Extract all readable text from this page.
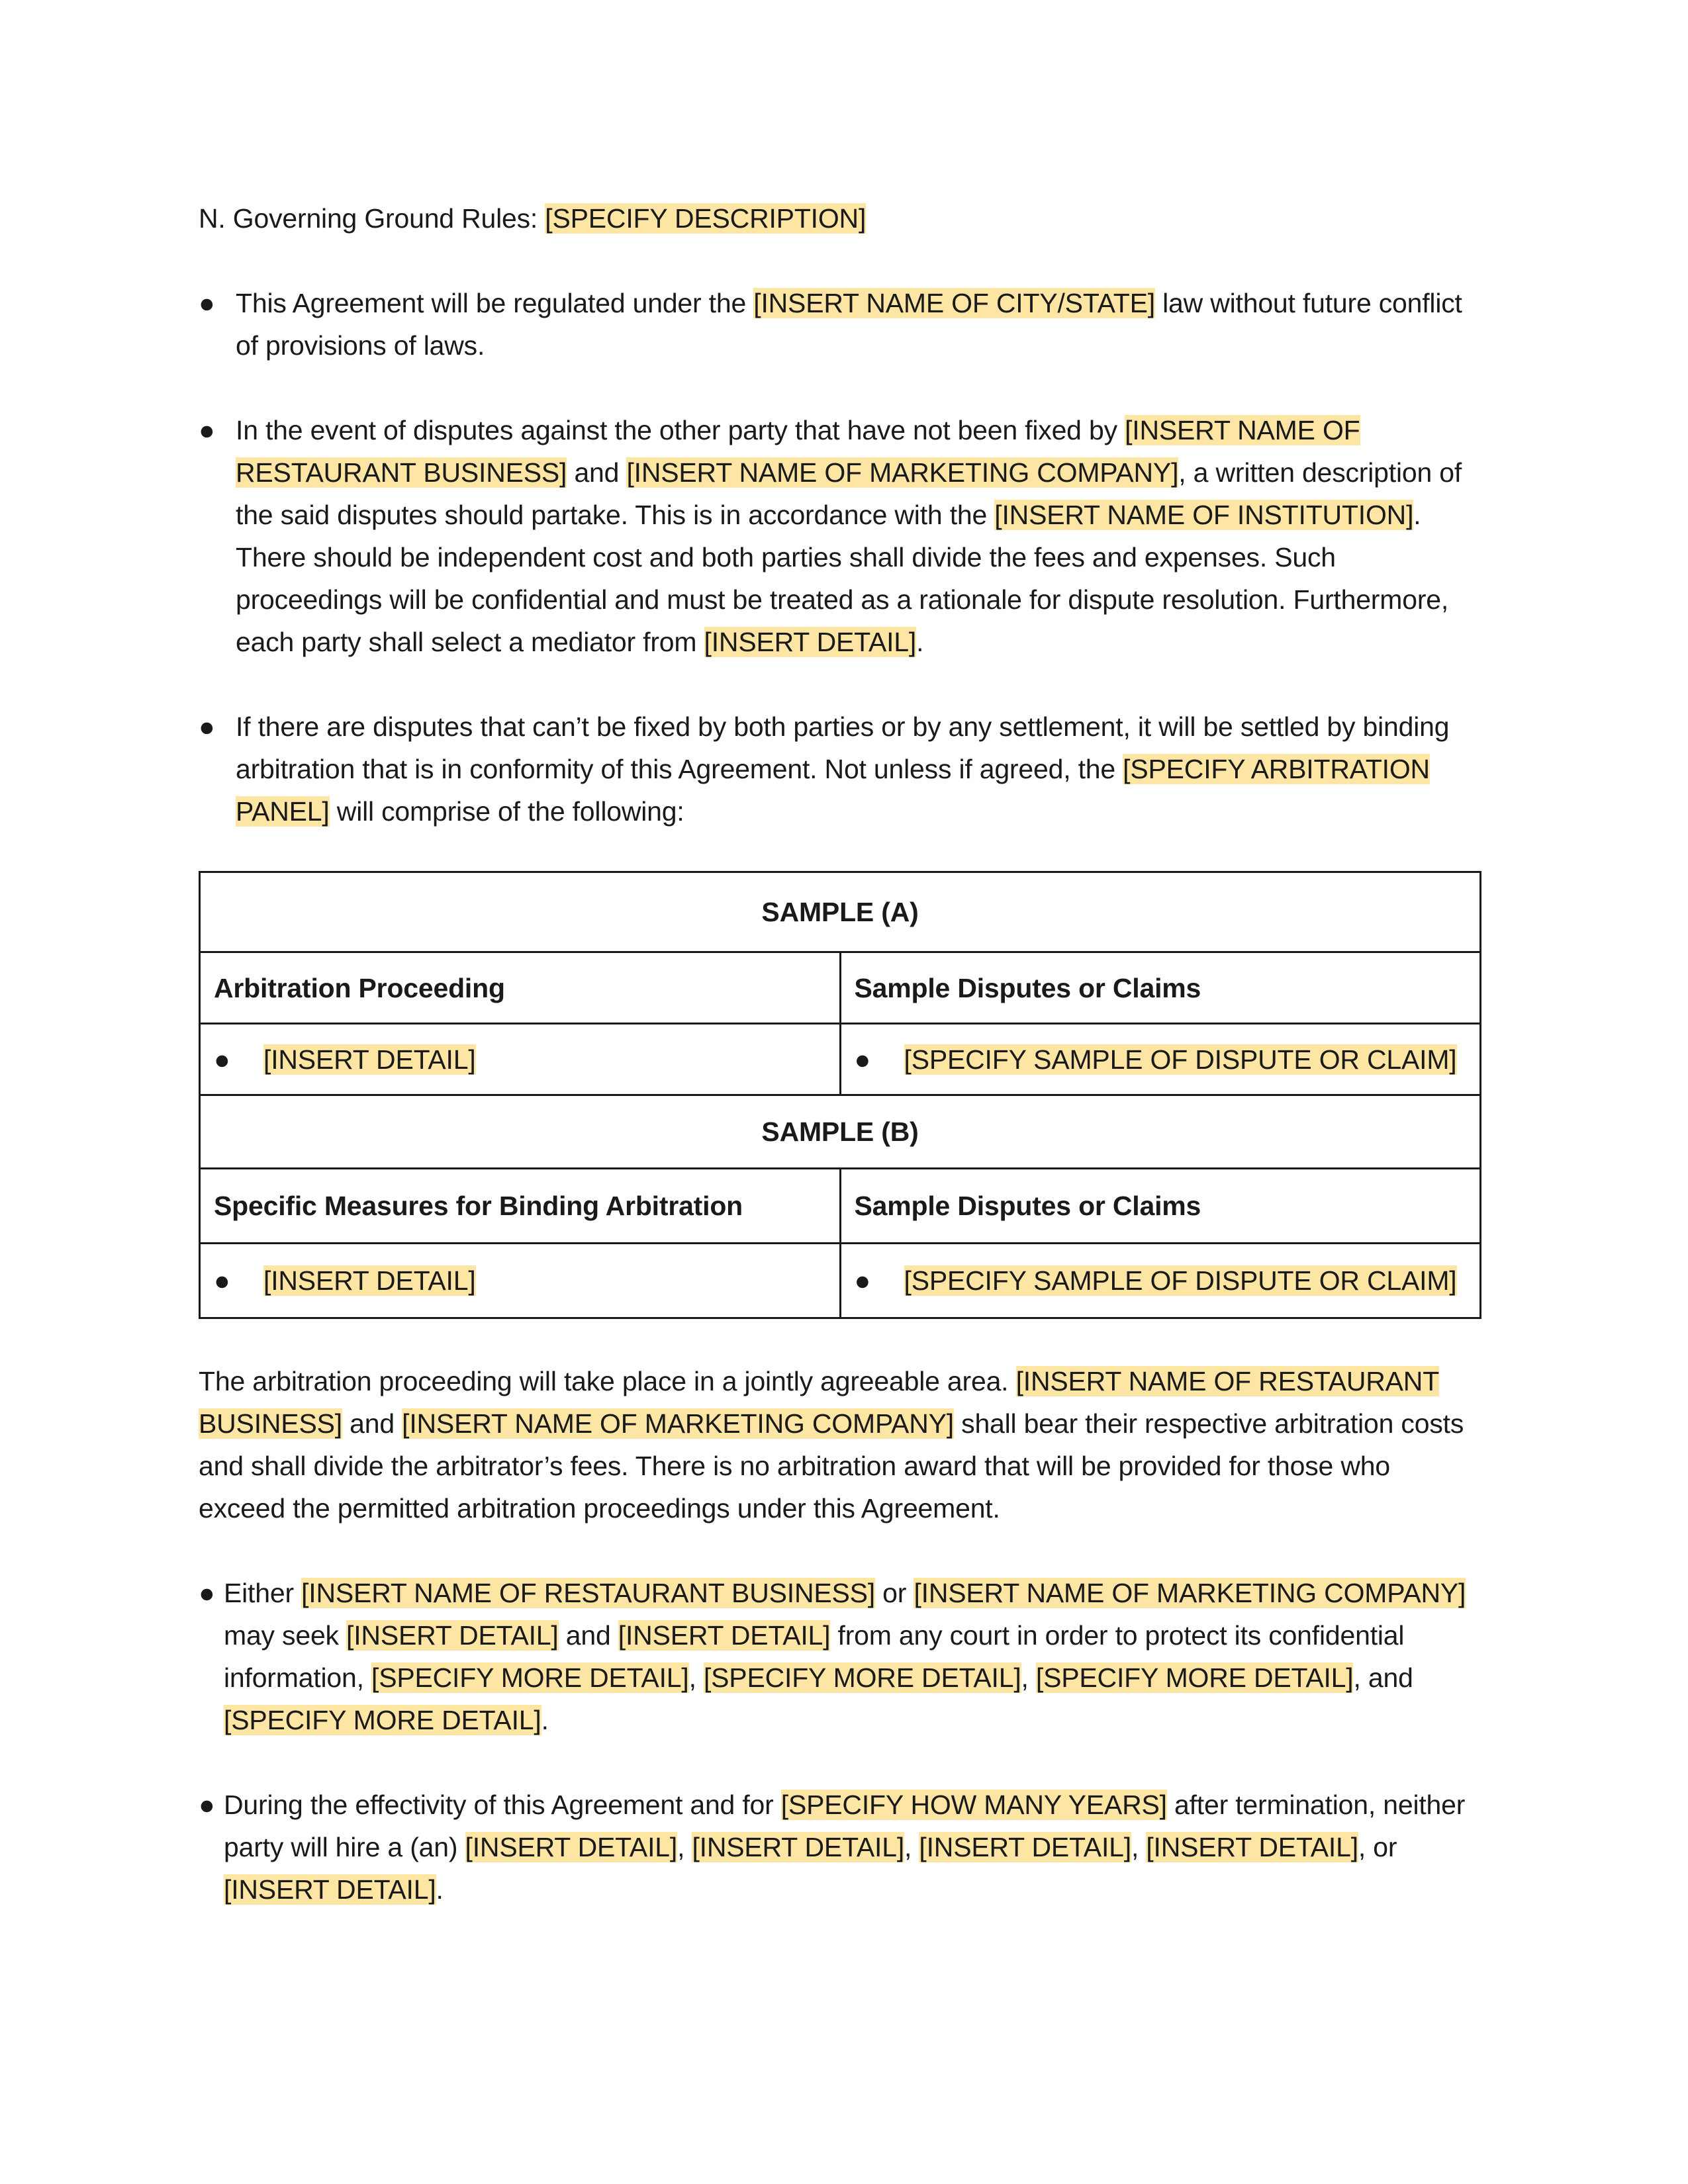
N. Governing Ground Rules: [SPECIFY DESCRIPTION]

● This Agreement will be regulated under the [INSERT NAME OF CITY/STATE] law without future conflict of provisions of laws.
● In the event of disputes against the other party that have not been fixed by [INSERT NAME OF RESTAURANT BUSINESS] and [INSERT NAME OF MARKETING COMPANY], a written description of the said disputes should partake. This is in accordance with the [INSERT NAME OF INSTITUTION]. There should be independent cost and both parties shall divide the fees and expenses. Such proceedings will be confidential and must be treated as a rationale for dispute resolution. Furthermore, each party shall select a mediator from [INSERT DETAIL].
● If there are disputes that can’t be fixed by both parties or by any settlement, it will be settled by binding arbitration that is in conformity of this Agreement. Not unless if agreed, the [SPECIFY ARBITRATION PANEL] will comprise of the following:
SAMPLE (A)	
Arbitration Proceeding	Sample Disputes or Claims

● [INSERT DETAIL]	● [SPECIFY SAMPLE OF DISPUTE OR CLAIM]

SAMPLE (B)	
Specific Measures for Binding Arbitration	Sample Disputes or Claims

● [INSERT DETAIL]	● [SPECIFY SAMPLE OF DISPUTE OR CLAIM]

The arbitration proceeding will take place in a jointly agreeable area. [INSERT NAME OF RESTAURANT BUSINESS] and [INSERT NAME OF MARKETING COMPANY] shall bear their respective arbitration costs and shall divide the arbitrator’s fees. There is no arbitration award that will be provided for those who exceed the permitted arbitration proceedings under this Agreement.

● Either [INSERT NAME OF RESTAURANT BUSINESS] or [INSERT NAME OF MARKETING COMPANY] may seek [INSERT DETAIL] and [INSERT DETAIL] from any court in order to protect its confidential information, [SPECIFY MORE DETAIL], [SPECIFY MORE DETAIL], [SPECIFY MORE DETAIL], and [SPECIFY MORE DETAIL].
● During the effectivity of this Agreement and for [SPECIFY HOW MANY YEARS] after termination, neither party will hire a (an) [INSERT DETAIL], [INSERT DETAIL], [INSERT DETAIL], [INSERT DETAIL], or [INSERT DETAIL].
